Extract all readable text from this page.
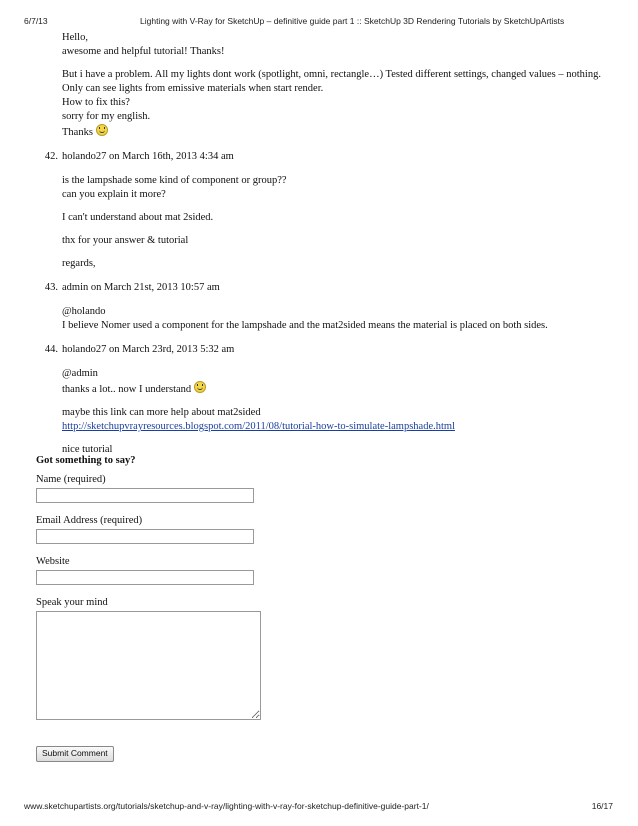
6/7/13	Lighting with V-Ray for SketchUp – definitive guide part 1 :: SketchUp 3D Rendering Tutorials by SketchUpArtists

Hello,
awesome and helpful tutorial! Thanks!

But i have a problem. All my lights dont work (spotlight, omni, rectangle…) Tested different settings, changed values – nothing.
Only can see lights from emissive materials when start render.
How to fix this?
sorry for my english.
Thanks

42. holando27 on March 16th, 2013 4:34 am

is the lampshade some kind of component or group??
can you explain it more?

I can't understand about mat 2sided.

thx for your answer & tutorial

regards,

43. admin on March 21st, 2013 10:57 am

@holando
I believe Nomer used a component for the lampshade and the mat2sided means the material is placed on both sides.

44. holando27 on March 23rd, 2013 5:32 am

@admin
thanks a lot.. now I understand

maybe this link can more help about mat2sided
http://sketchupvrayresources.blogspot.com/2011/08/tutorial-how-to-simulate-lampshade.html

nice tutorial

Got something to say?
Name (required)
Email Address (required)
Website
Speak your mind
Submit Comment
www.sketchupartists.org/tutorials/sketchup-and-v-ray/lighting-with-v-ray-for-sketchup-definitive-guide-part-1/	16/17
